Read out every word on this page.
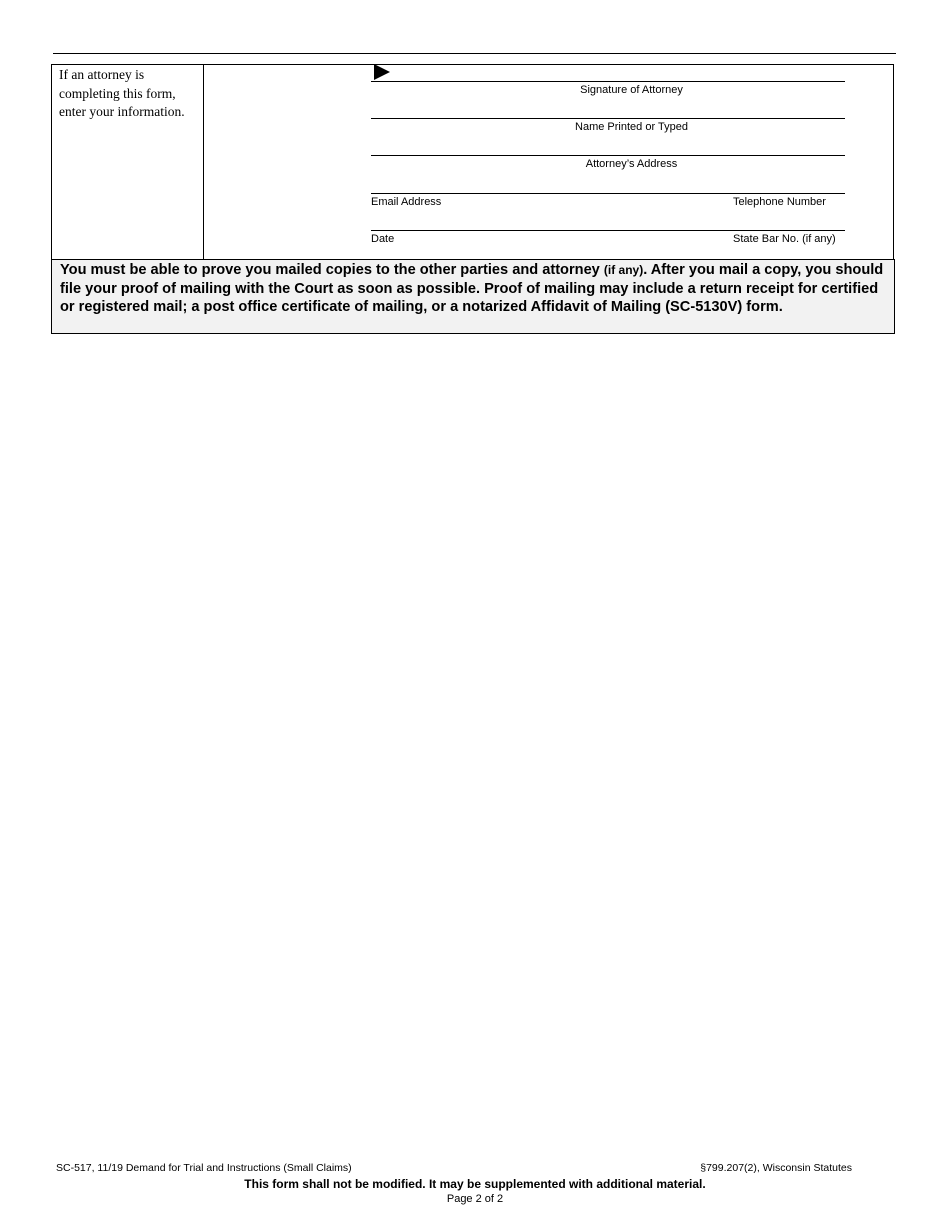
If an attorney is completing this form, enter your information.
Signature of Attorney
Name Printed or Typed
Attorney’s Address
Email Address	Telephone Number
Date	State Bar No. (if any)
You must be able to prove you mailed copies to the other parties and attorney (if any). After you mail a copy, you should file your proof of mailing with the Court as soon as possible. Proof of mailing may include a return receipt for certified or registered mail; a post office certificate of mailing, or a notarized Affidavit of Mailing (SC-5130V) form.
SC-517, 11/19 Demand for Trial and Instructions (Small Claims)	§799.207(2), Wisconsin Statutes
This form shall not be modified. It may be supplemented with additional material.
Page 2 of 2
